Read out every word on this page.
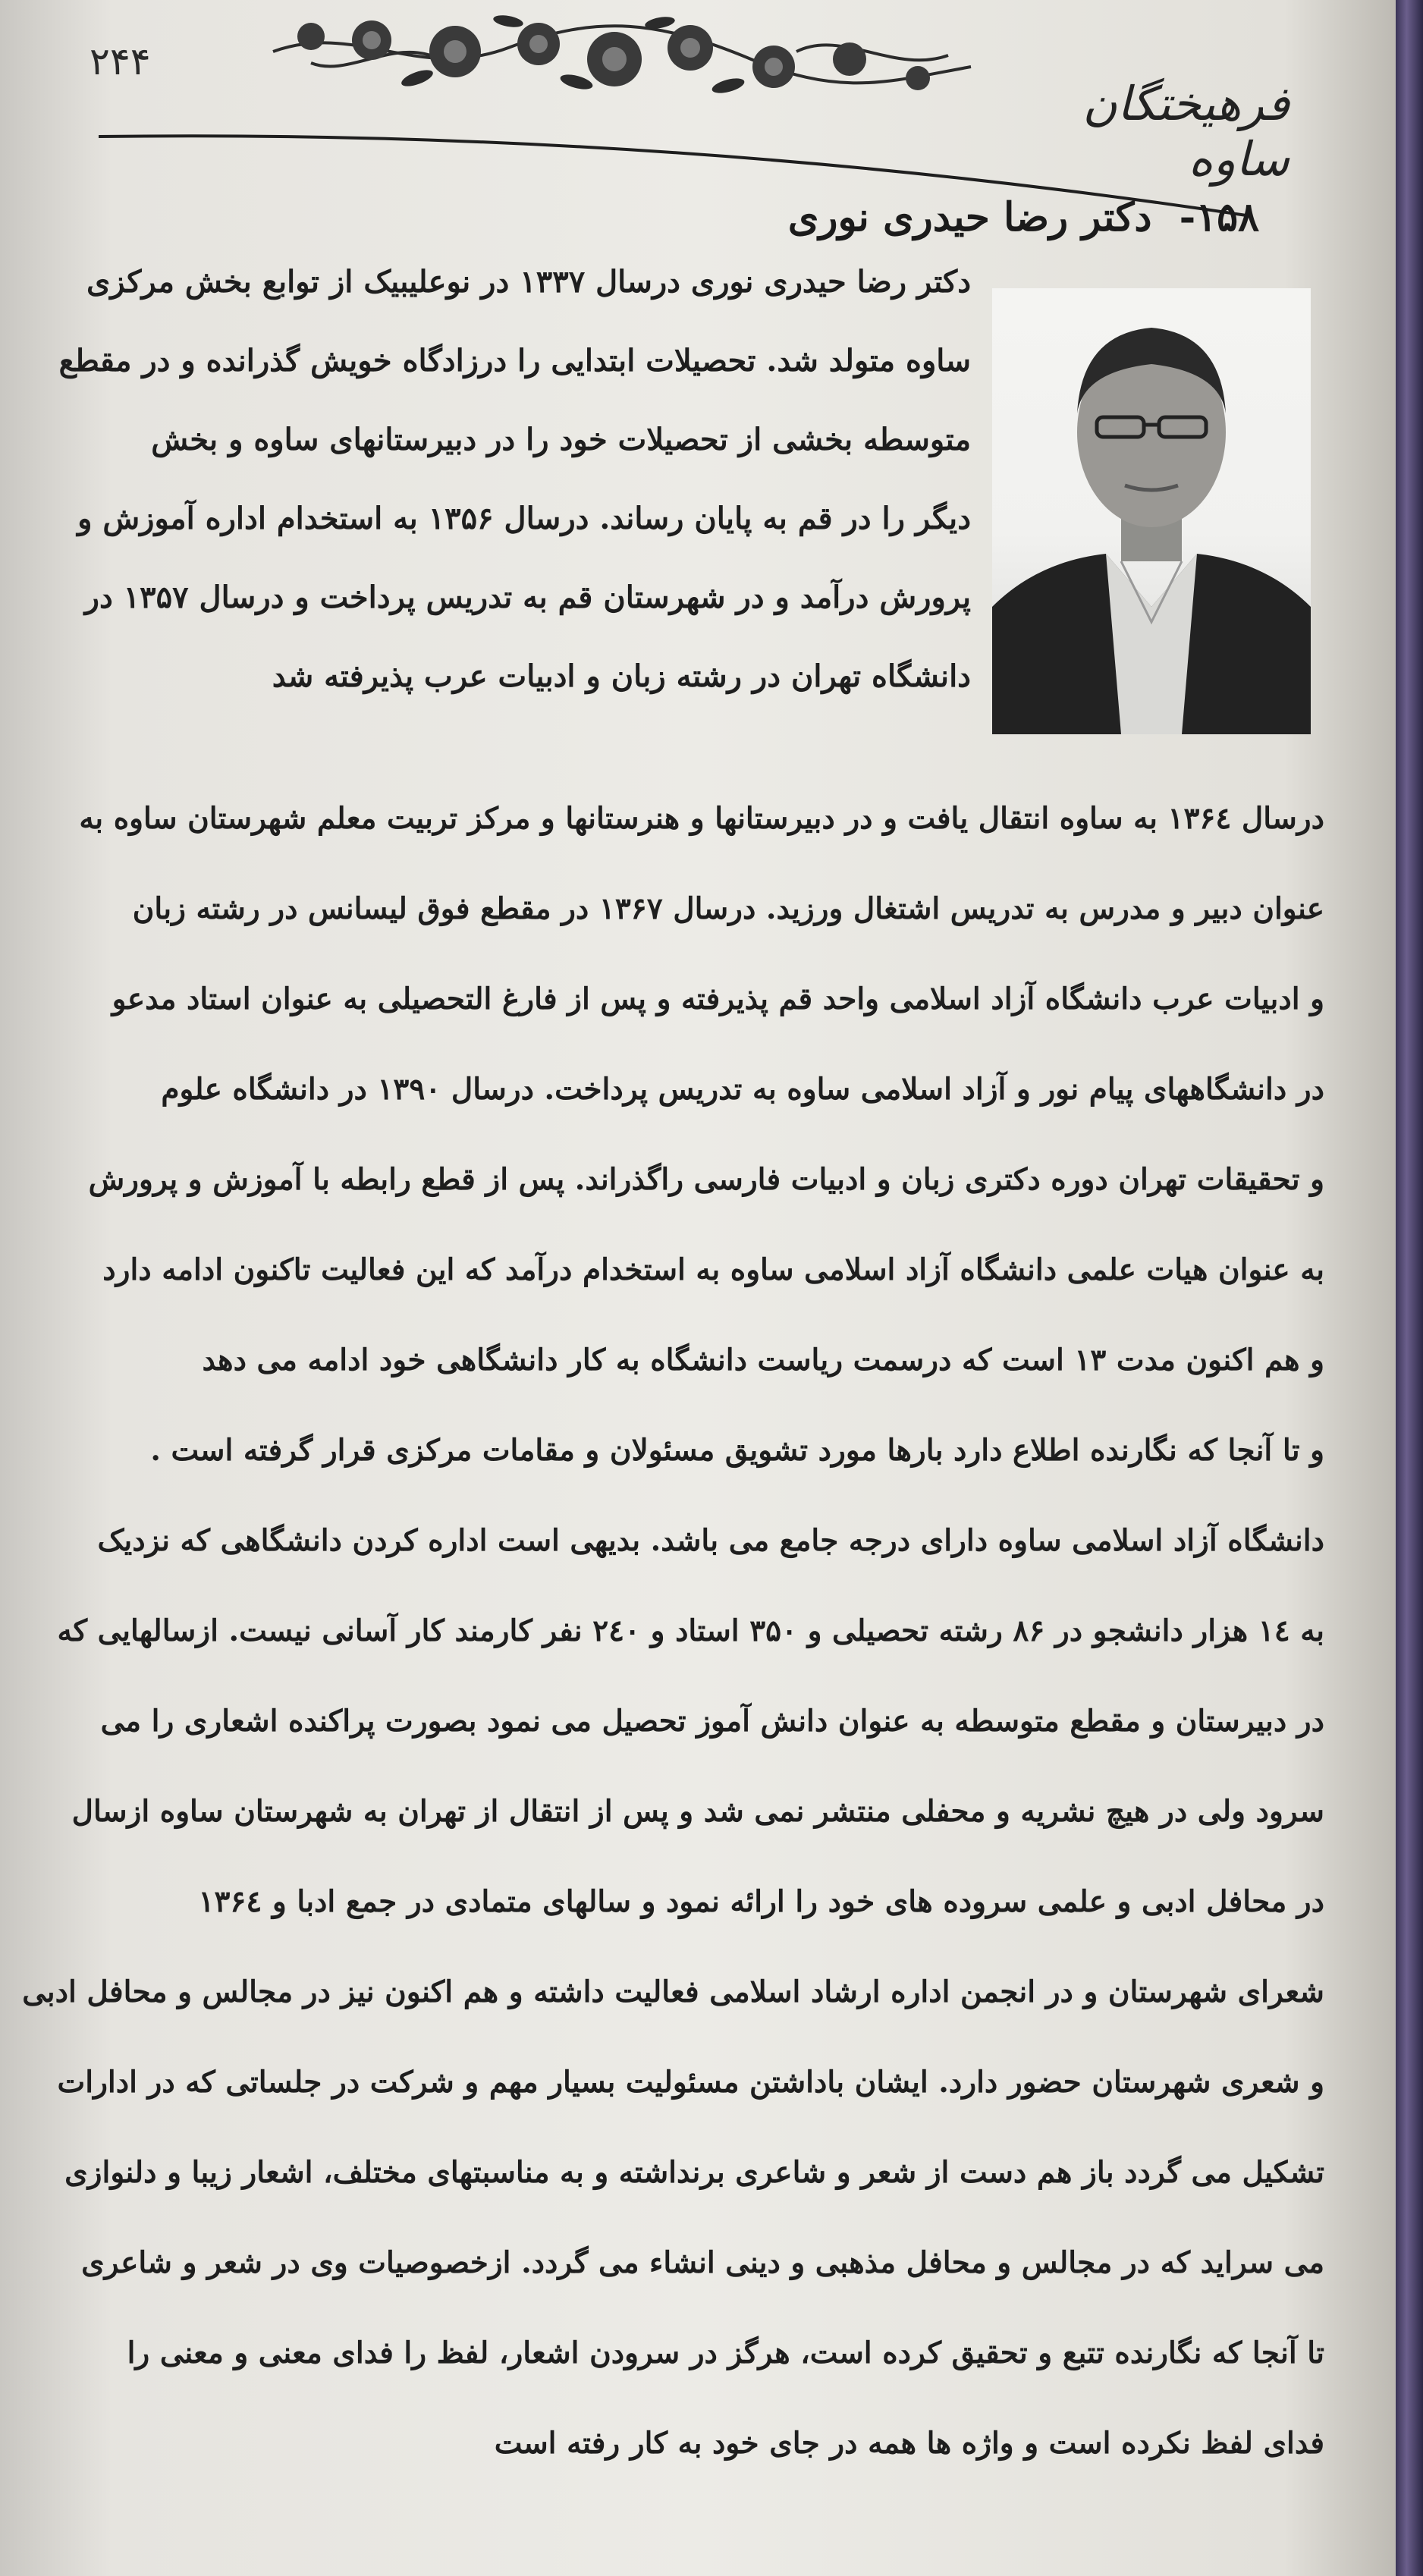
۲۴۴
فرهیختگان ساوه
۱۵۸- دکتر رضا حیدری نوری
دکتر رضا حیدری نوری درسال ۱۳۳۷ در نوعلیبیک از توابع بخش مرکزی
ساوه متولد شد. تحصیلات ابتدایی را درزادگاه خویش گذرانده و در مقطع
متوسطه بخشی از تحصیلات خود را در دبیرستانهای ساوه و بخش
دیگر را در قم به پایان رساند. درسال ۱۳۵۶ به استخدام اداره آموزش و
پرورش درآمد و در شهرستان قم به تدریس پرداخت و درسال ۱۳۵۷ در
دانشگاه تهران در رشته زبان و ادبیات عرب پذیرفته شد
درسال ۱۳۶٤ به ساوه انتقال یافت و در دبیرستانها و هنرستانها و مرکز تربیت معلم شهرستان ساوه به
عنوان دبیر و مدرس به تدریس اشتغال ورزید. درسال ۱۳۶۷ در مقطع فوق لیسانس در رشته زبان
و ادبیات عرب دانشگاه آزاد اسلامی واحد قم پذیرفته و پس از فارغ التحصیلی به عنوان استاد مدعو
در دانشگاههای پیام نور و آزاد اسلامی ساوه به تدریس پرداخت. درسال ۱۳۹۰ در دانشگاه علوم
و تحقیقات تهران دوره دکتری زبان و ادبیات فارسی راگذراند. پس از قطع رابطه با آموزش و پرورش
به عنوان هیات علمی دانشگاه آزاد اسلامی ساوه به استخدام درآمد که این فعالیت تاکنون ادامه دارد
و هم اکنون مدت ۱۳ است که درسمت ریاست دانشگاه به کار دانشگاهی خود ادامه می دهد
و تا آنجا که نگارنده اطلاع دارد بارها مورد تشویق مسئولان و مقامات مرکزی قرار گرفته است .
دانشگاه آزاد اسلامی ساوه دارای درجه جامع می باشد. بدیهی است اداره کردن دانشگاهی که نزدیک
به ۱٤ هزار دانشجو در ۸۶ رشته تحصیلی و ۳۵۰ استاد و ۲٤۰ نفر کارمند کار آسانی نیست. ازسالهایی که
در دبیرستان و مقطع متوسطه به عنوان دانش آموز تحصیل می نمود بصورت پراکنده اشعاری را می
سرود ولی در هیچ نشریه و محفلی منتشر نمی شد و پس از انتقال از تهران به شهرستان ساوه ازسال
در محافل ادبی و علمی سروده های خود را ارائه نمود و سالهای متمادی در جمع ادبا و ۱۳۶٤
شعرای شهرستان و در انجمن اداره ارشاد اسلامی فعالیت داشته و هم اکنون نیز در مجالس و محافل ادبی
و شعری شهرستان حضور دارد. ایشان باداشتن مسئولیت بسیار مهم و شرکت در جلساتی که در ادارات
تشکیل می گردد باز هم دست از شعر و شاعری برنداشته و به مناسبتهای مختلف، اشعار زیبا و دلنوازی
می سراید که در مجالس و محافل مذهبی و دینی انشاء می گردد. ازخصوصیات وی در شعر و شاعری
تا آنجا که نگارنده تتبع و تحقیق کرده است، هرگز در سرودن اشعار، لفظ را فدای معنی و معنی را
فدای لفظ نکرده است و واژه ها همه در جای خود به کار رفته است
